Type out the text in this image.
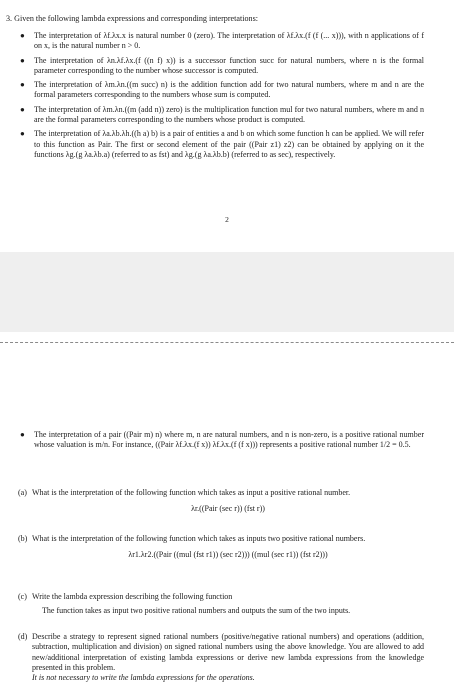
3. Given the following lambda expressions and corresponding interpretations:
● The interpretation of λf.λx.x is natural number 0 (zero). The interpretation of λf.λx.(f (f (... x))), with n applications of f on x, is the natural number n > 0.
● The interpretation of λn.λf.λx.(f ((n f) x)) is a successor function succ for natural numbers, where n is the formal parameter corresponding to the number whose successor is computed.
● The interpretation of λm.λn.((m succ) n) is the addition function add for two natural numbers, where m and n are the formal parameters corresponding to the numbers whose sum is computed.
● The interpretation of λm.λn.((m (add n)) zero) is the multiplication function mul for two natural numbers, where m and n are the formal parameters corresponding to the numbers whose product is computed.
● The interpretation of λa.λb.λh.((h a) b) is a pair of entities a and b on which some function h can be applied. We will refer to this function as Pair. The first or second element of the pair ((Pair z1) z2) can be obtained by applying on it the functions λg.(g λa.λb.a) (referred to as fst) and λg.(g λa.λb.b) (referred to as sec), respectively.
2
● The interpretation of a pair ((Pair m) n) where m, n are natural numbers, and n is non-zero, is a positive rational number whose valuation is m/n. For instance, ((Pair λf.λx.(f x)) λf.λx.(f (f x))) represents a positive rational number 1/2 = 0.5.
(a) What is the interpretation of the following function which takes as input a positive rational number.
λr.((Pair (sec r)) (fst r))
(b) What is the interpretation of the following function which takes as inputs two positive rational numbers.
λr1.λr2.((Pair ((mul (fst r1)) (sec r2))) ((mul (sec r1)) (fst r2)))
(c) Write the lambda expression describing the following function
The function takes as input two positive rational numbers and outputs the sum of the two inputs.
(d) Describe a strategy to represent signed rational numbers (positive/negative rational numbers) and operations (addition, subtraction, multiplication and division) on signed rational numbers using the above knowledge. You are allowed to add new/additional interpretation of existing lambda expressions or derive new lambda expressions from the knowledge presented in this problem.
It is not necessary to write the lambda expressions for the operations.
